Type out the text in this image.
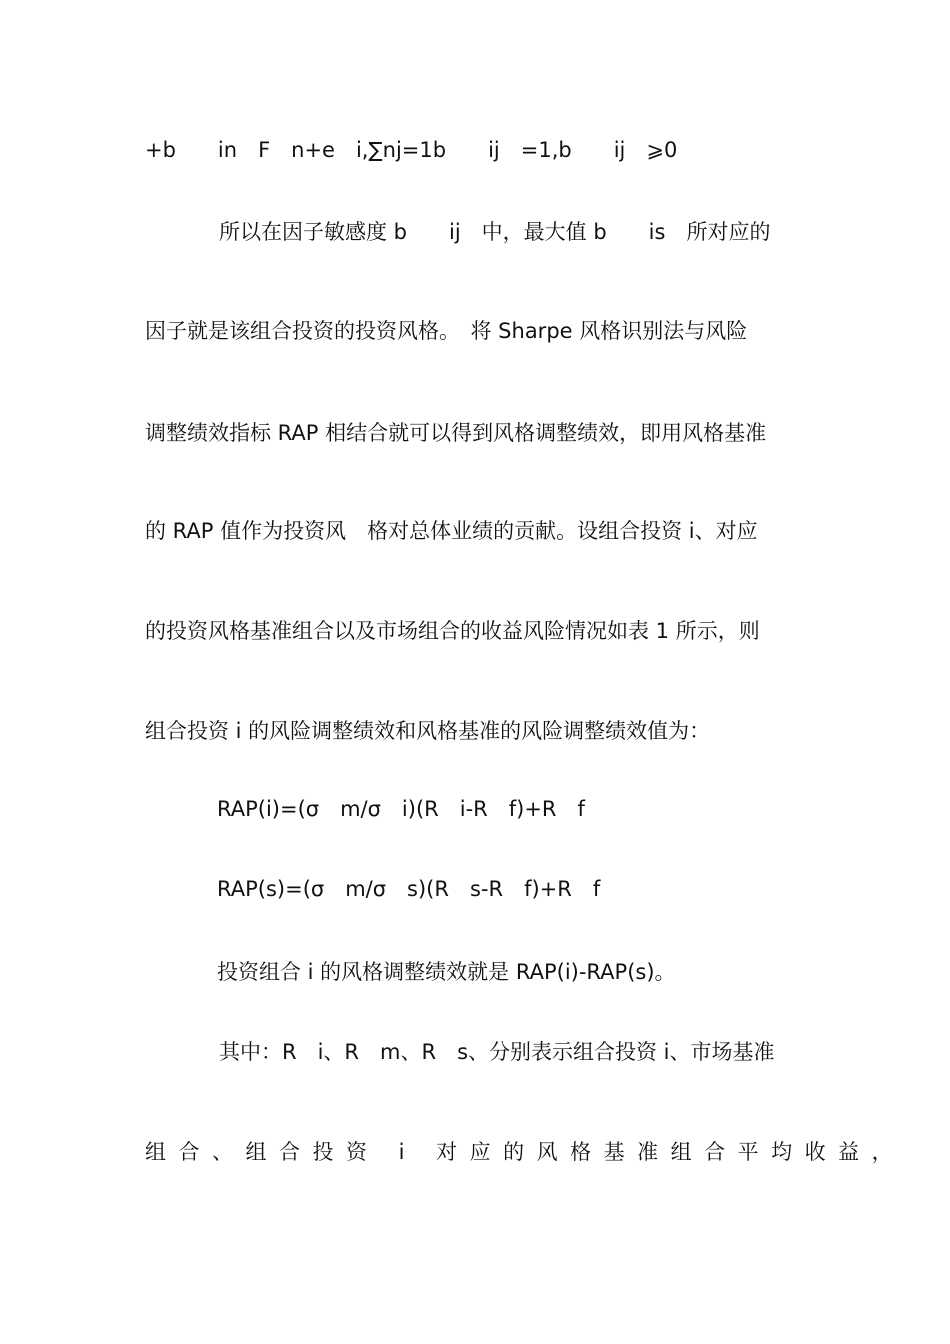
+b　　in　F　n+e　i,∑nj=1b　　ij　=1,b　　ij　⩾0

所以在因子敏感度 b　　ij　中，最大值 b　　is　所对应的

因子就是该组合投资的投资风格。　将 Sharpe 风格识别法与风险

调整绩效指标 RAP 相结合就可以得到风格调整绩效，即用风格基准

的 RAP 值作为投资风　格对总体业绩的贡献。设组合投资 i、对应

的投资风格基准组合以及市场组合的收益风险情况如表 1 所示，则

组合投资 i 的风险调整绩效和风格基准的风险调整绩效值为：

RAP(i)=(σ　m/σ　i)(R　i-R　f)+R　f

RAP(s)=(σ　m/σ　s)(R　s-R　f)+R　f

投资组合 i 的风格调整绩效就是 RAP(i)-RAP(s)。

其中：R　i、R　m、R　s、分别表示组合投资 i、市场基准

组合、组合投资 i 对应的风格基准组合平均收益，
